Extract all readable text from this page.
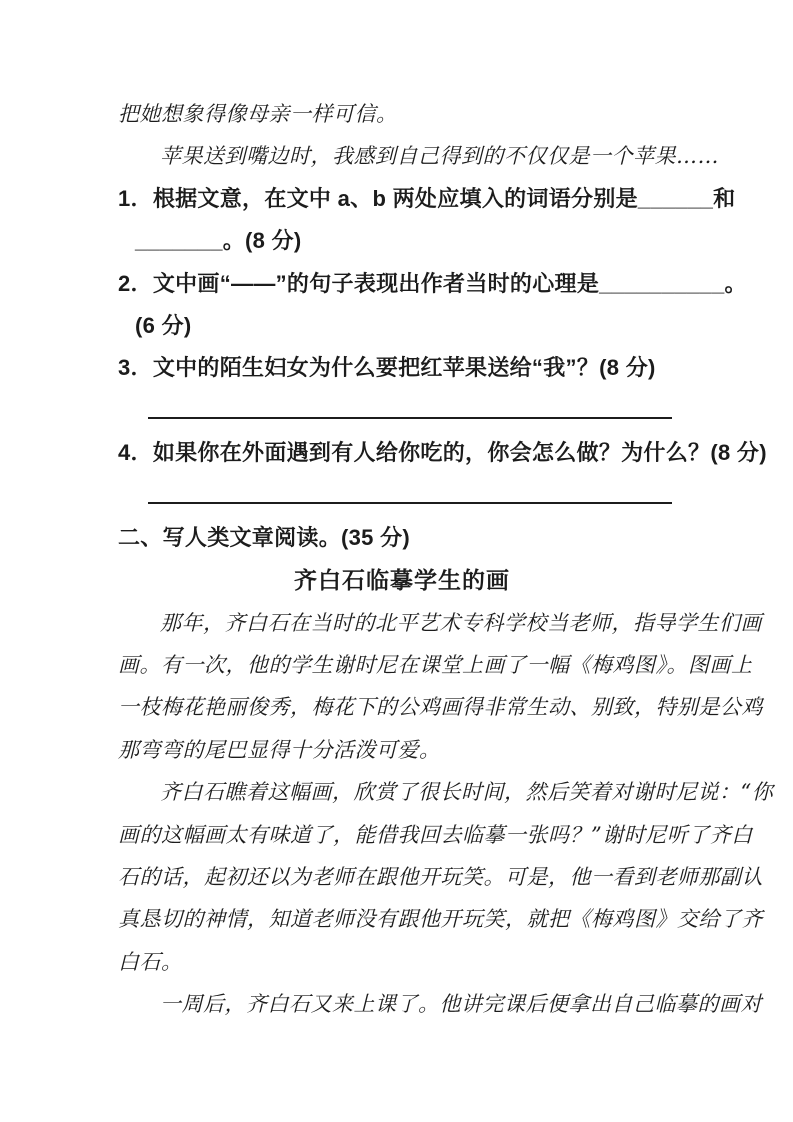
把她想象得像母亲一样可信。
苹果送到嘴边时，我感到自己得到的不仅仅是一个苹果……
1．根据文意，在文中 a、b 两处应填入的词语分别是______和
_______。(8 分)
2．文中画“——”的句子表现出作者当时的心理是__________。
(6 分)
3．文中的陌生妇女为什么要把红苹果送给“我”？(8 分)
4．如果你在外面遇到有人给你吃的，你会怎么做？为什么？(8 分)
二、写人类文章阅读。(35 分)
齐白石临摹学生的画
那年，齐白石在当时的北平艺术专科学校当老师，指导学生们画
画。有一次，他的学生谢时尼在课堂上画了一幅《梅鸡图》。图画上
一枝梅花艳丽俊秀，梅花下的公鸡画得非常生动、别致，特别是公鸡
那弯弯的尾巴显得十分活泼可爱。
齐白石瞧着这幅画，欣赏了很长时间，然后笑着对谢时尼说：“你
画的这幅画太有味道了，能借我回去临摹一张吗？”谢时尼听了齐白
石的话，起初还以为老师在跟他开玩笑。可是，他一看到老师那副认
真恳切的神情，知道老师没有跟他开玩笑，就把《梅鸡图》交给了齐
白石。
一周后，齐白石又来上课了。他讲完课后便拿出自己临摹的画对
